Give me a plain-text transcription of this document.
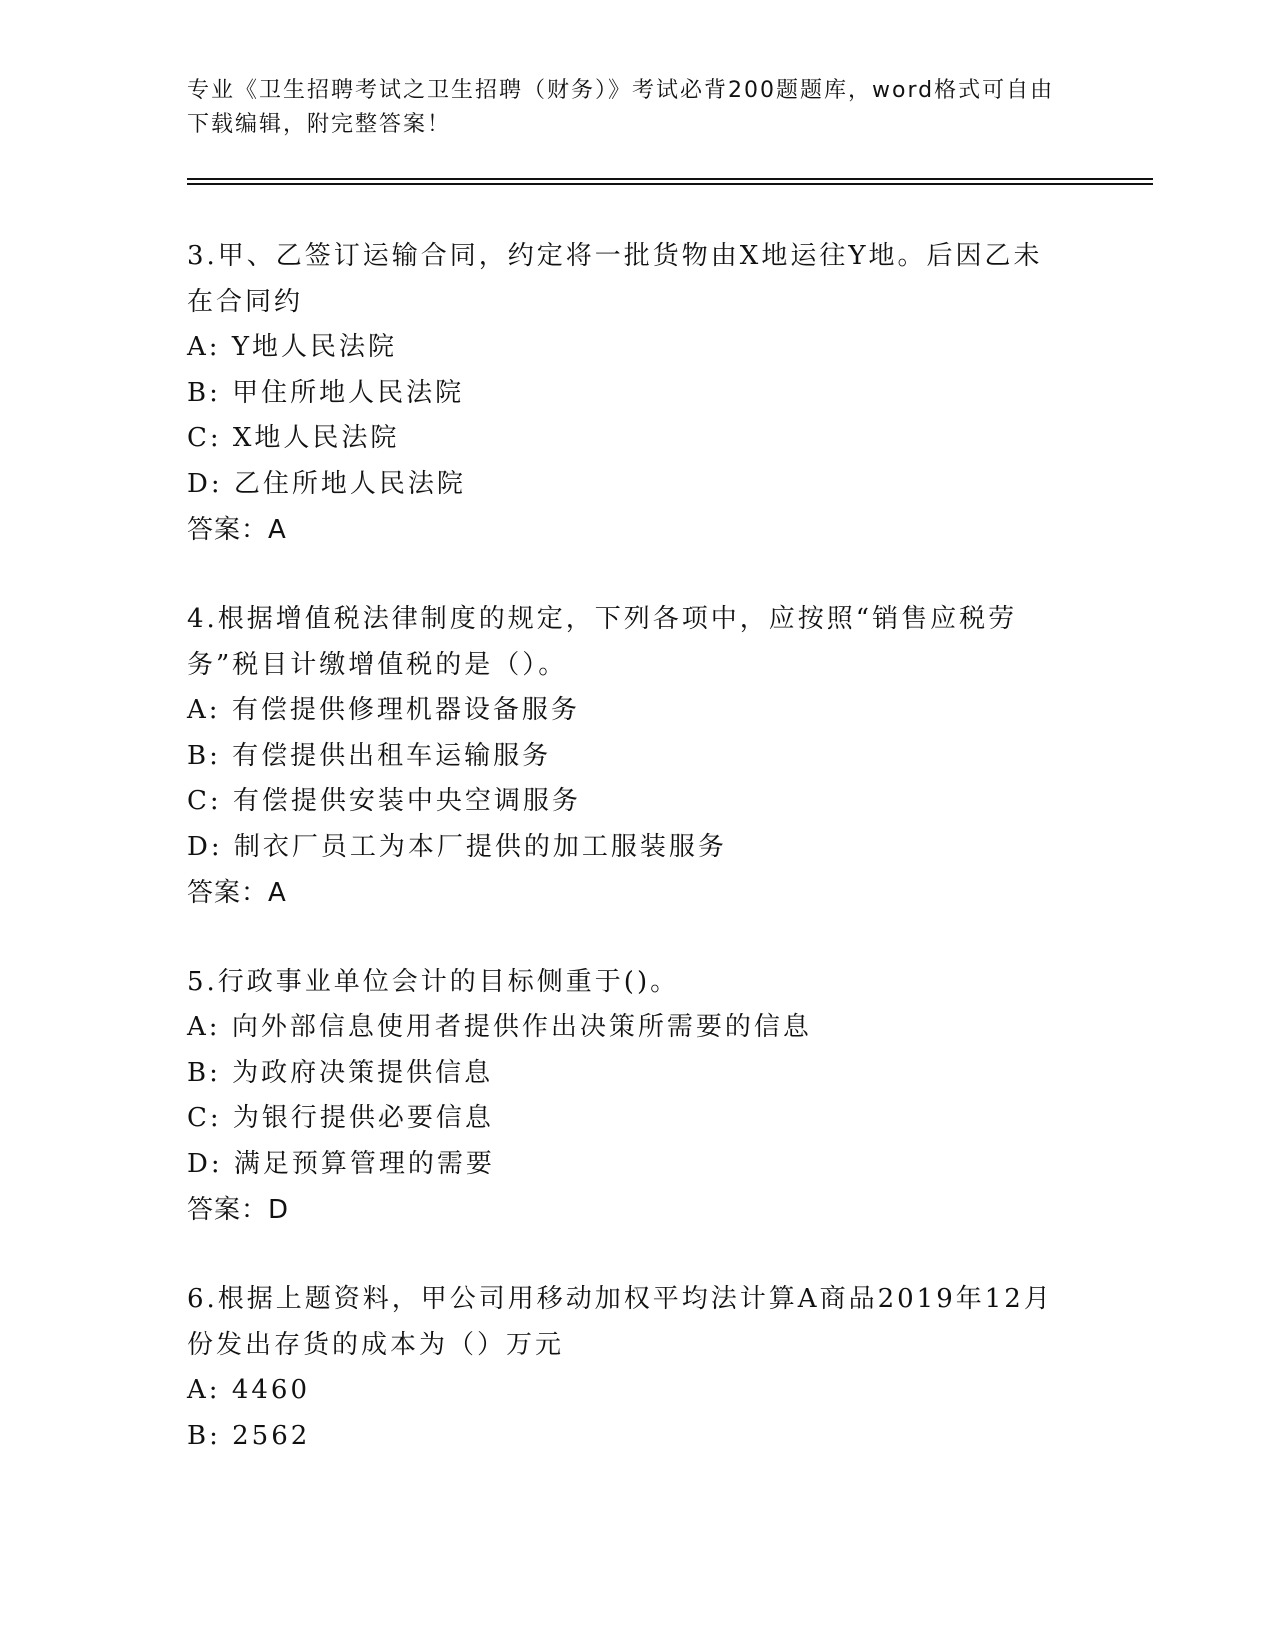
专业《卫生招聘考试之卫生招聘（财务）》考试必背200题题库，word格式可自由下载编辑，附完整答案！

3.甲、乙签订运输合同，约定将一批货物由X地运往Y地。后因乙未在合同约

A: Y地人民法院

B: 甲住所地人民法院

C: X地人民法院

D: 乙住所地人民法院

答案：A

4.根据增值税法律制度的规定，下列各项中，应按照“销售应税劳务”税目计缴增值税的是（）。

A: 有偿提供修理机器设备服务

B: 有偿提供出租车运输服务

C: 有偿提供安装中央空调服务

D: 制衣厂员工为本厂提供的加工服装服务

答案：A

5.行政事业单位会计的目标侧重于()。

A: 向外部信息使用者提供作出决策所需要的信息

B: 为政府决策提供信息

C: 为银行提供必要信息

D: 满足预算管理的需要

答案：D

6.根据上题资料，甲公司用移动加权平均法计算A商品2019年12月份发出存货的成本为（）万元

A: 4460

B: 2562
